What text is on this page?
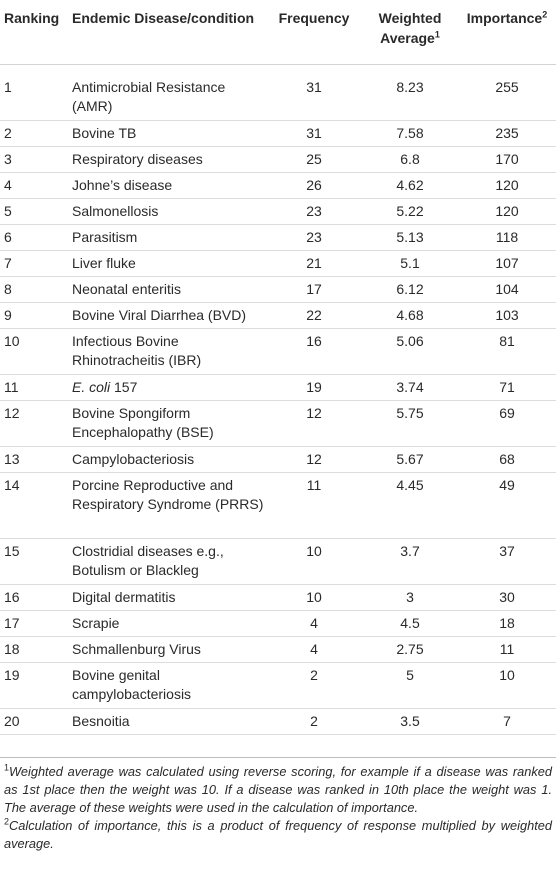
Ranking	Endemic Disease/condition	Frequency	Weighted Average$^1$	Importance$^2$
1	Antimicrobial Resistance (AMR)	31	8.23	255
2	Bovine TB	31	7.58	235
3	Respiratory diseases	25	6.8	170
4	Johne’s disease	26	4.62	120
5	Salmonellosis	23	5.22	120
6	Parasitism	23	5.13	118
7	Liver fluke	21	5.1	107
8	Neonatal enteritis	17	6.12	104
9	Bovine Viral Diarrhea (BVD)	22	4.68	103
10	Infectious Bovine Rhinotracheitis (IBR)	16	5.06	81
11	E. coli 157	19	3.74	71
12	Bovine Spongiform Encephalopathy (BSE)	12	5.75	69
13	Campylobacteriosis	12	5.67	68
14	Porcine Reproductive and Respiratory Syndrome (PRRS)	11	4.45	49
15	Clostridial diseases e.g., Botulism or Blackleg	10	3.7	37
16	Digital dermatitis	10	3	30
17	Scrapie	4	4.5	18
18	Schmallenburg Virus	4	2.75	11
19	Bovine genital campylobacteriosis	2	5	10
20	Besnoitia	2	3.5	7

$^1$Weighted average was calculated using reverse scoring, for example if a disease was ranked as 1st place then the weight was 10. If a disease was ranked in 10th place the weight was 1. The average of these weights were used in the calculation of importance.

$^2$Calculation of importance, this is a product of frequency of response multiplied by weighted average.
